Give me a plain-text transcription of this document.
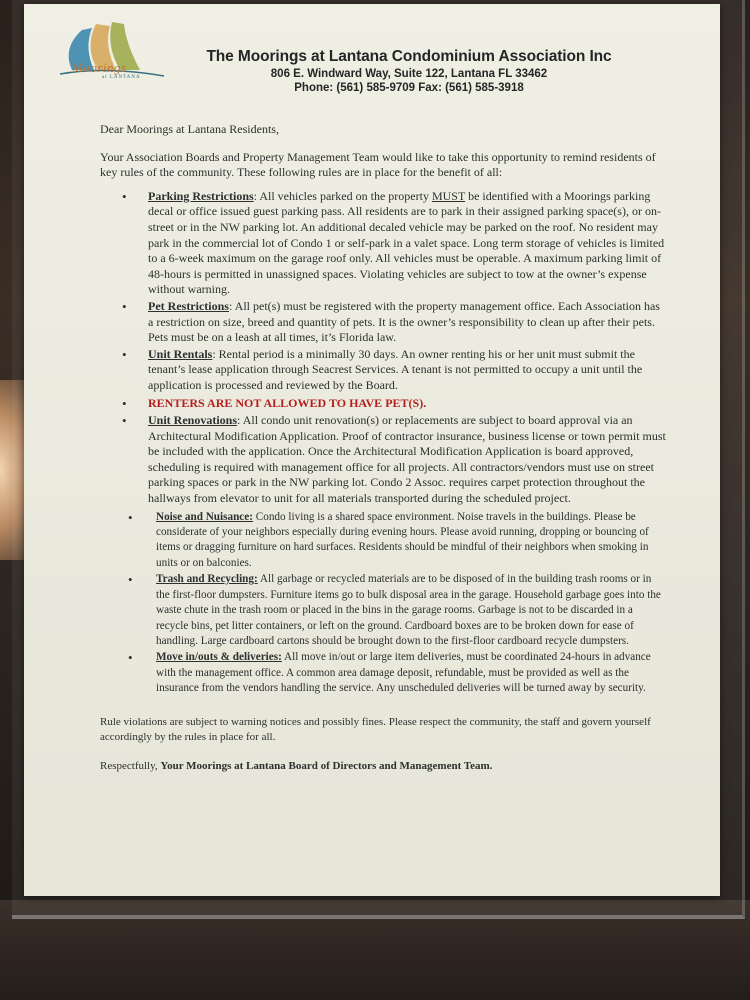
Moorings
at LANTANA
The Moorings at Lantana Condominium Association Inc
806 E. Windward Way, Suite 122, Lantana FL 33462
Phone: (561) 585-9709 Fax: (561) 585-3918

Dear Moorings at Lantana Residents,

Your Association Boards and Property Management Team would like to take this opportunity to remind residents of key rules of the community. These following rules are in place for the benefit of all:

• Parking Restrictions: All vehicles parked on the property MUST be identified with a Moorings parking decal or office issued guest parking pass. All residents are to park in their assigned parking space(s), or on-street or in the NW parking lot. An additional decaled vehicle may be parked on the roof. No resident may park in the commercial lot of Condo 1 or self-park in a valet space. Long term storage of vehicles is limited to a 6-week maximum on the garage roof only. All vehicles must be operable. A maximum parking limit of 48-hours is permitted in unassigned spaces. Violating vehicles are subject to tow at the owner’s expense without warning.
• Pet Restrictions: All pet(s) must be registered with the property management office. Each Association has a restriction on size, breed and quantity of pets. It is the owner’s responsibility to clean up after their pets. Pets must be on a leash at all times, it’s Florida law.
• Unit Rentals: Rental period is a minimally 30 days. An owner renting his or her unit must submit the tenant’s lease application through Seacrest Services. A tenant is not permitted to occupy a unit until the application is processed and reviewed by the Board.
• RENTERS ARE NOT ALLOWED TO HAVE PET(S).
• Unit Renovations: All condo unit renovation(s) or replacements are subject to board approval via an Architectural Modification Application. Proof of contractor insurance, business license or town permit must be included with the application. Once the Architectural Modification Application is board approved, scheduling is required with management office for all projects. All contractors/vendors must use on street parking spaces or park in the NW parking lot. Condo 2 Assoc. requires carpet protection throughout the hallways from elevator to unit for all materials transported during the scheduled project.
• Noise and Nuisance: Condo living is a shared space environment. Noise travels in the buildings. Please be considerate of your neighbors especially during evening hours. Please avoid running, dropping or bouncing of items or dragging furniture on hard surfaces. Residents should be mindful of their neighbors when smoking in units or on balconies.
• Trash and Recycling: All garbage or recycled materials are to be disposed of in the building trash rooms or in the first-floor dumpsters. Furniture items go to bulk disposal area in the garage. Household garbage goes into the waste chute in the trash room or placed in the bins in the garage rooms. Garbage is not to be discarded in a recycle bins, pet litter containers, or left on the ground. Cardboard boxes are to be broken down for ease of handling. Large cardboard cartons should be brought down to the first-floor cardboard recycle dumpsters.
• Move in/outs & deliveries: All move in/out or large item deliveries, must be coordinated 24-hours in advance with the management office. A common area damage deposit, refundable, must be provided as well as the insurance from the vendors handling the service. Any unscheduled deliveries will be turned away by security.

Rule violations are subject to warning notices and possibly fines. Please respect the community, the staff and govern yourself accordingly by the rules in place for all.

Respectfully, Your Moorings at Lantana Board of Directors and Management Team.
